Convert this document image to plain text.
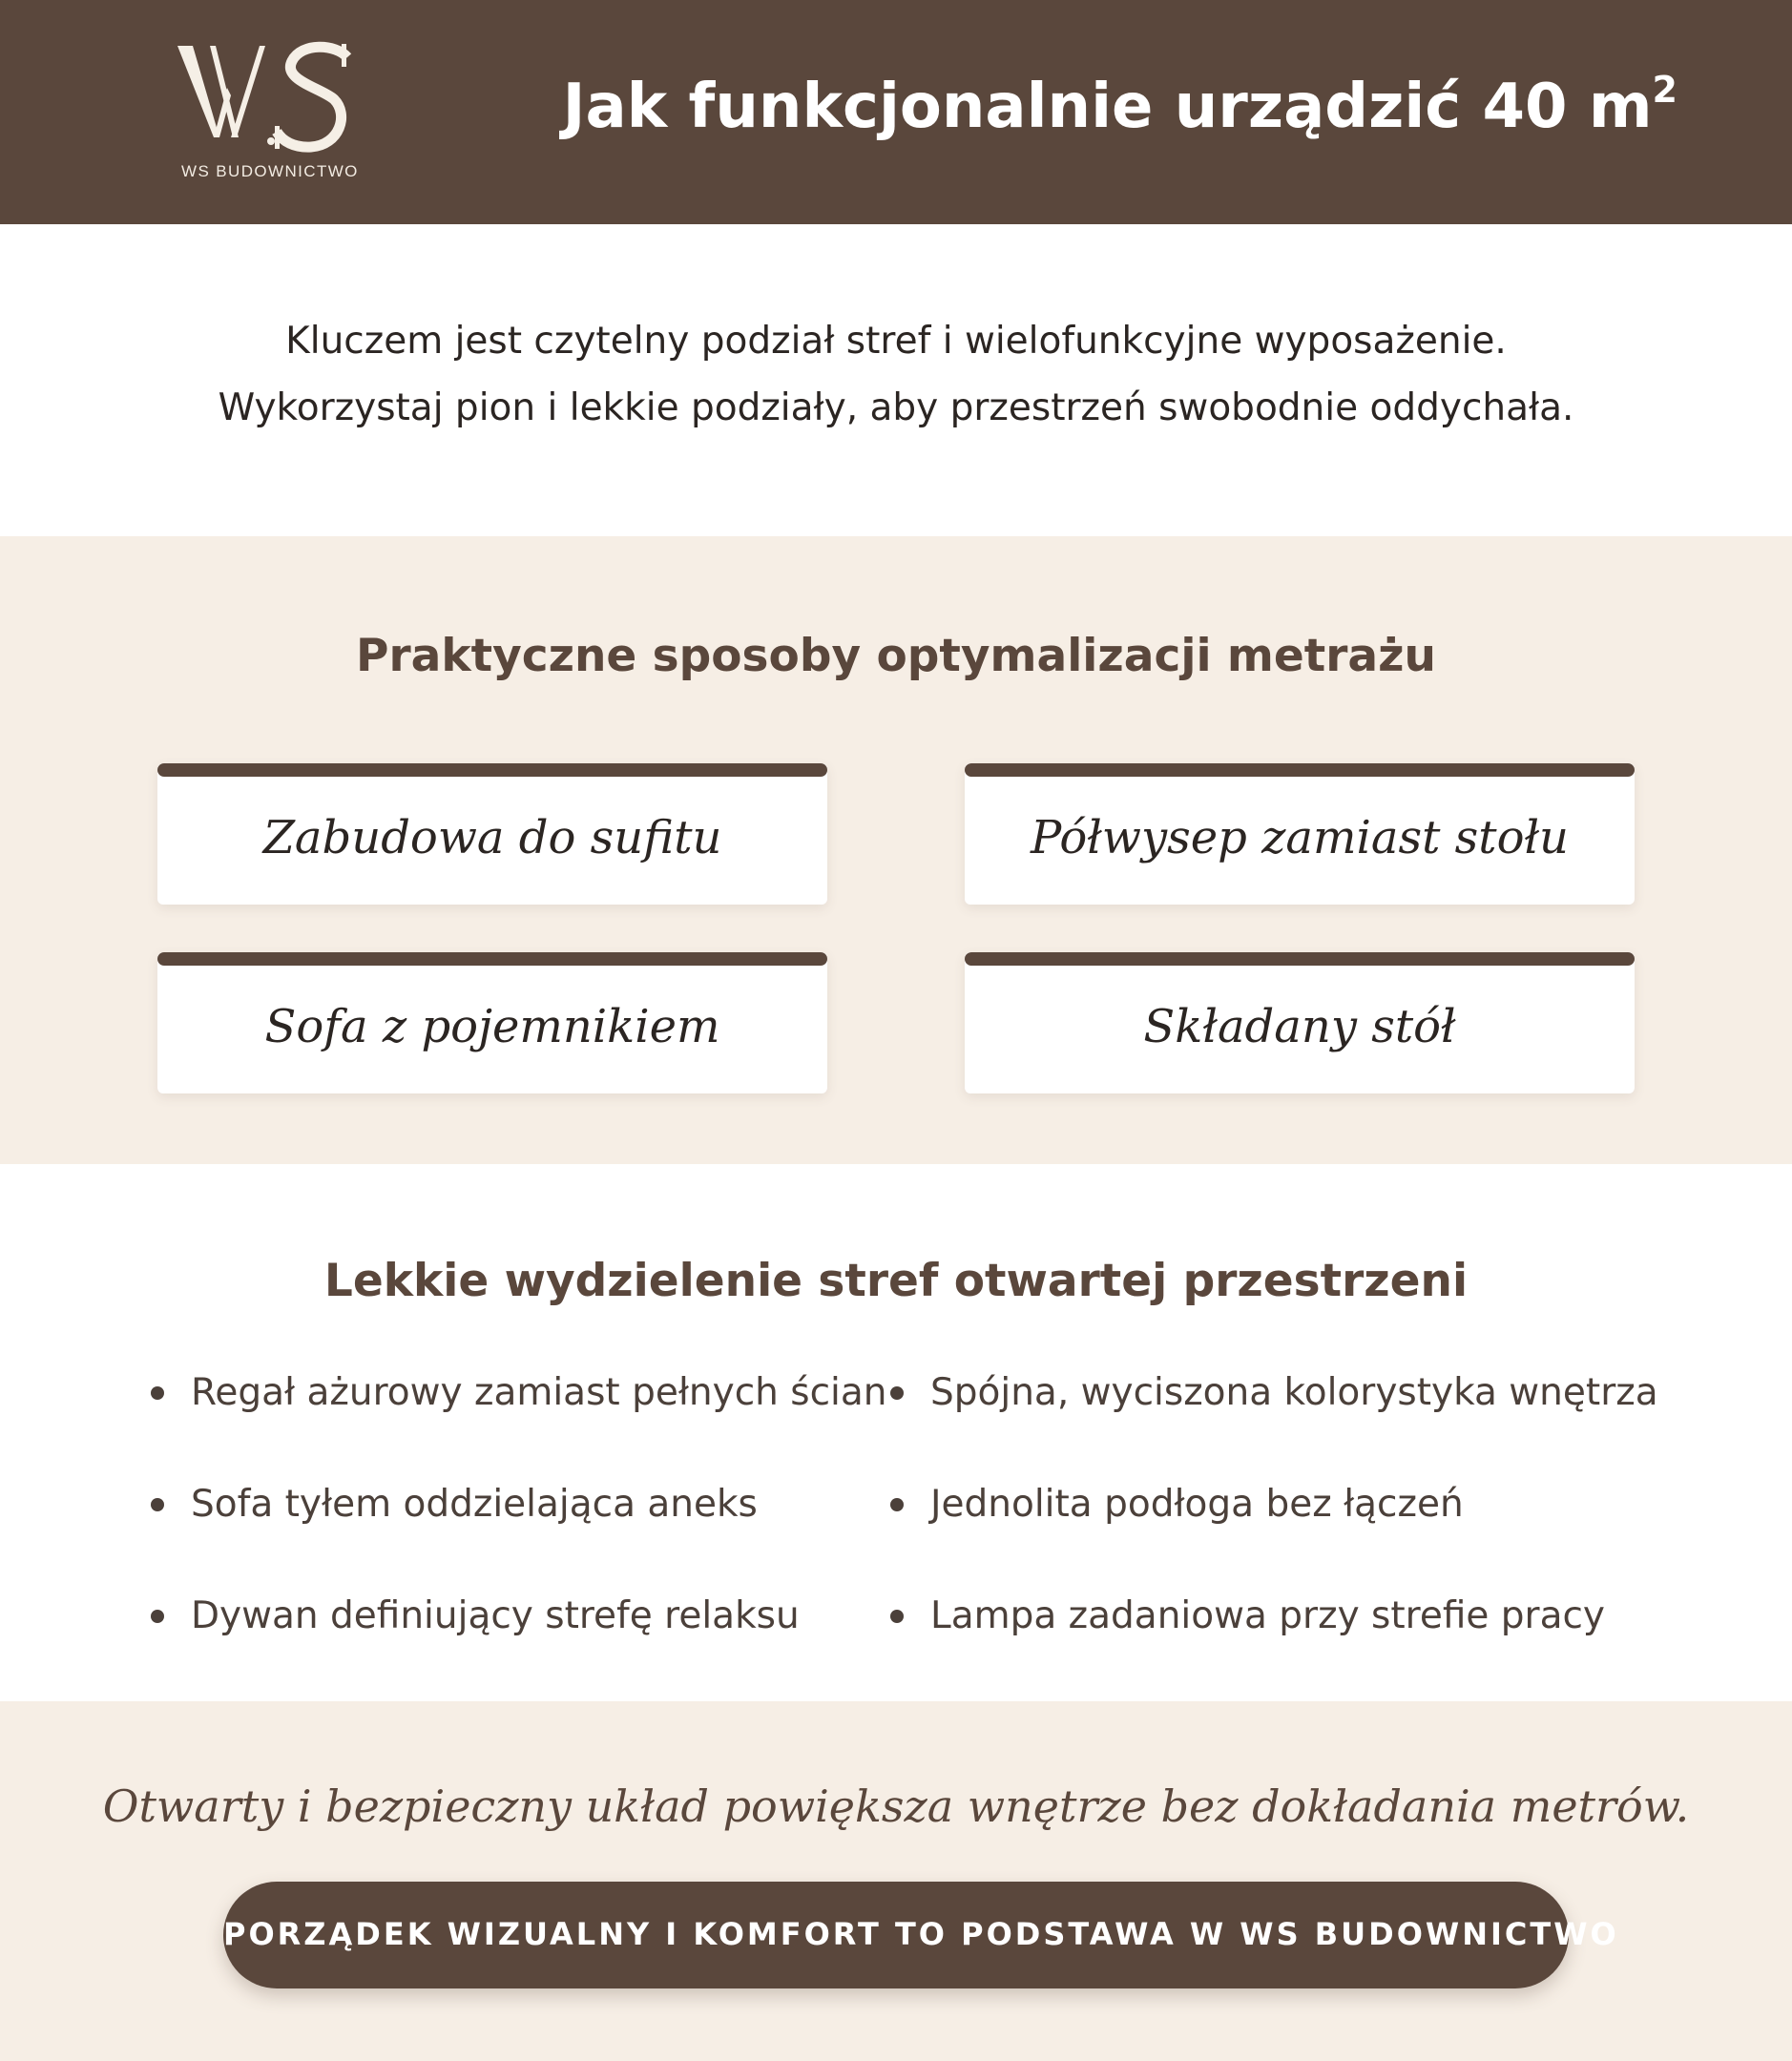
WS BUDOWNICTWO
Jak funkcjonalnie urządzić 40 $m^2$

Kluczem jest czytelny podział stref i wielofunkcyjne wyposażenie.

Wykorzystaj pion i lekkie podziały, aby przestrzeń swobodnie oddychała.

Praktyczne sposoby optymalizacji metrażu
Zabudowa do sufitu	Półwysep zamiast stołu
Sofa z pojemnikiem	Składany stół
Lekkie wydzielenie stref otwartej przestrzeni
Regał ażurowy zamiast pełnych ścian
Sofa tyłem oddzielająca aneks
Dywan definiujący strefę relaksu
Spójna, wyciszona kolorystyka wnętrza
Jednolita podłoga bez łączeń
Lampa zadaniowa przy strefie pracy

Otwarty i bezpieczny układ powiększa wnętrze bez dokładania metrów.

PORZĄDEK WIZUALNY I KOMFORT TO PODSTAWA W WS BUDOWNICTWO
